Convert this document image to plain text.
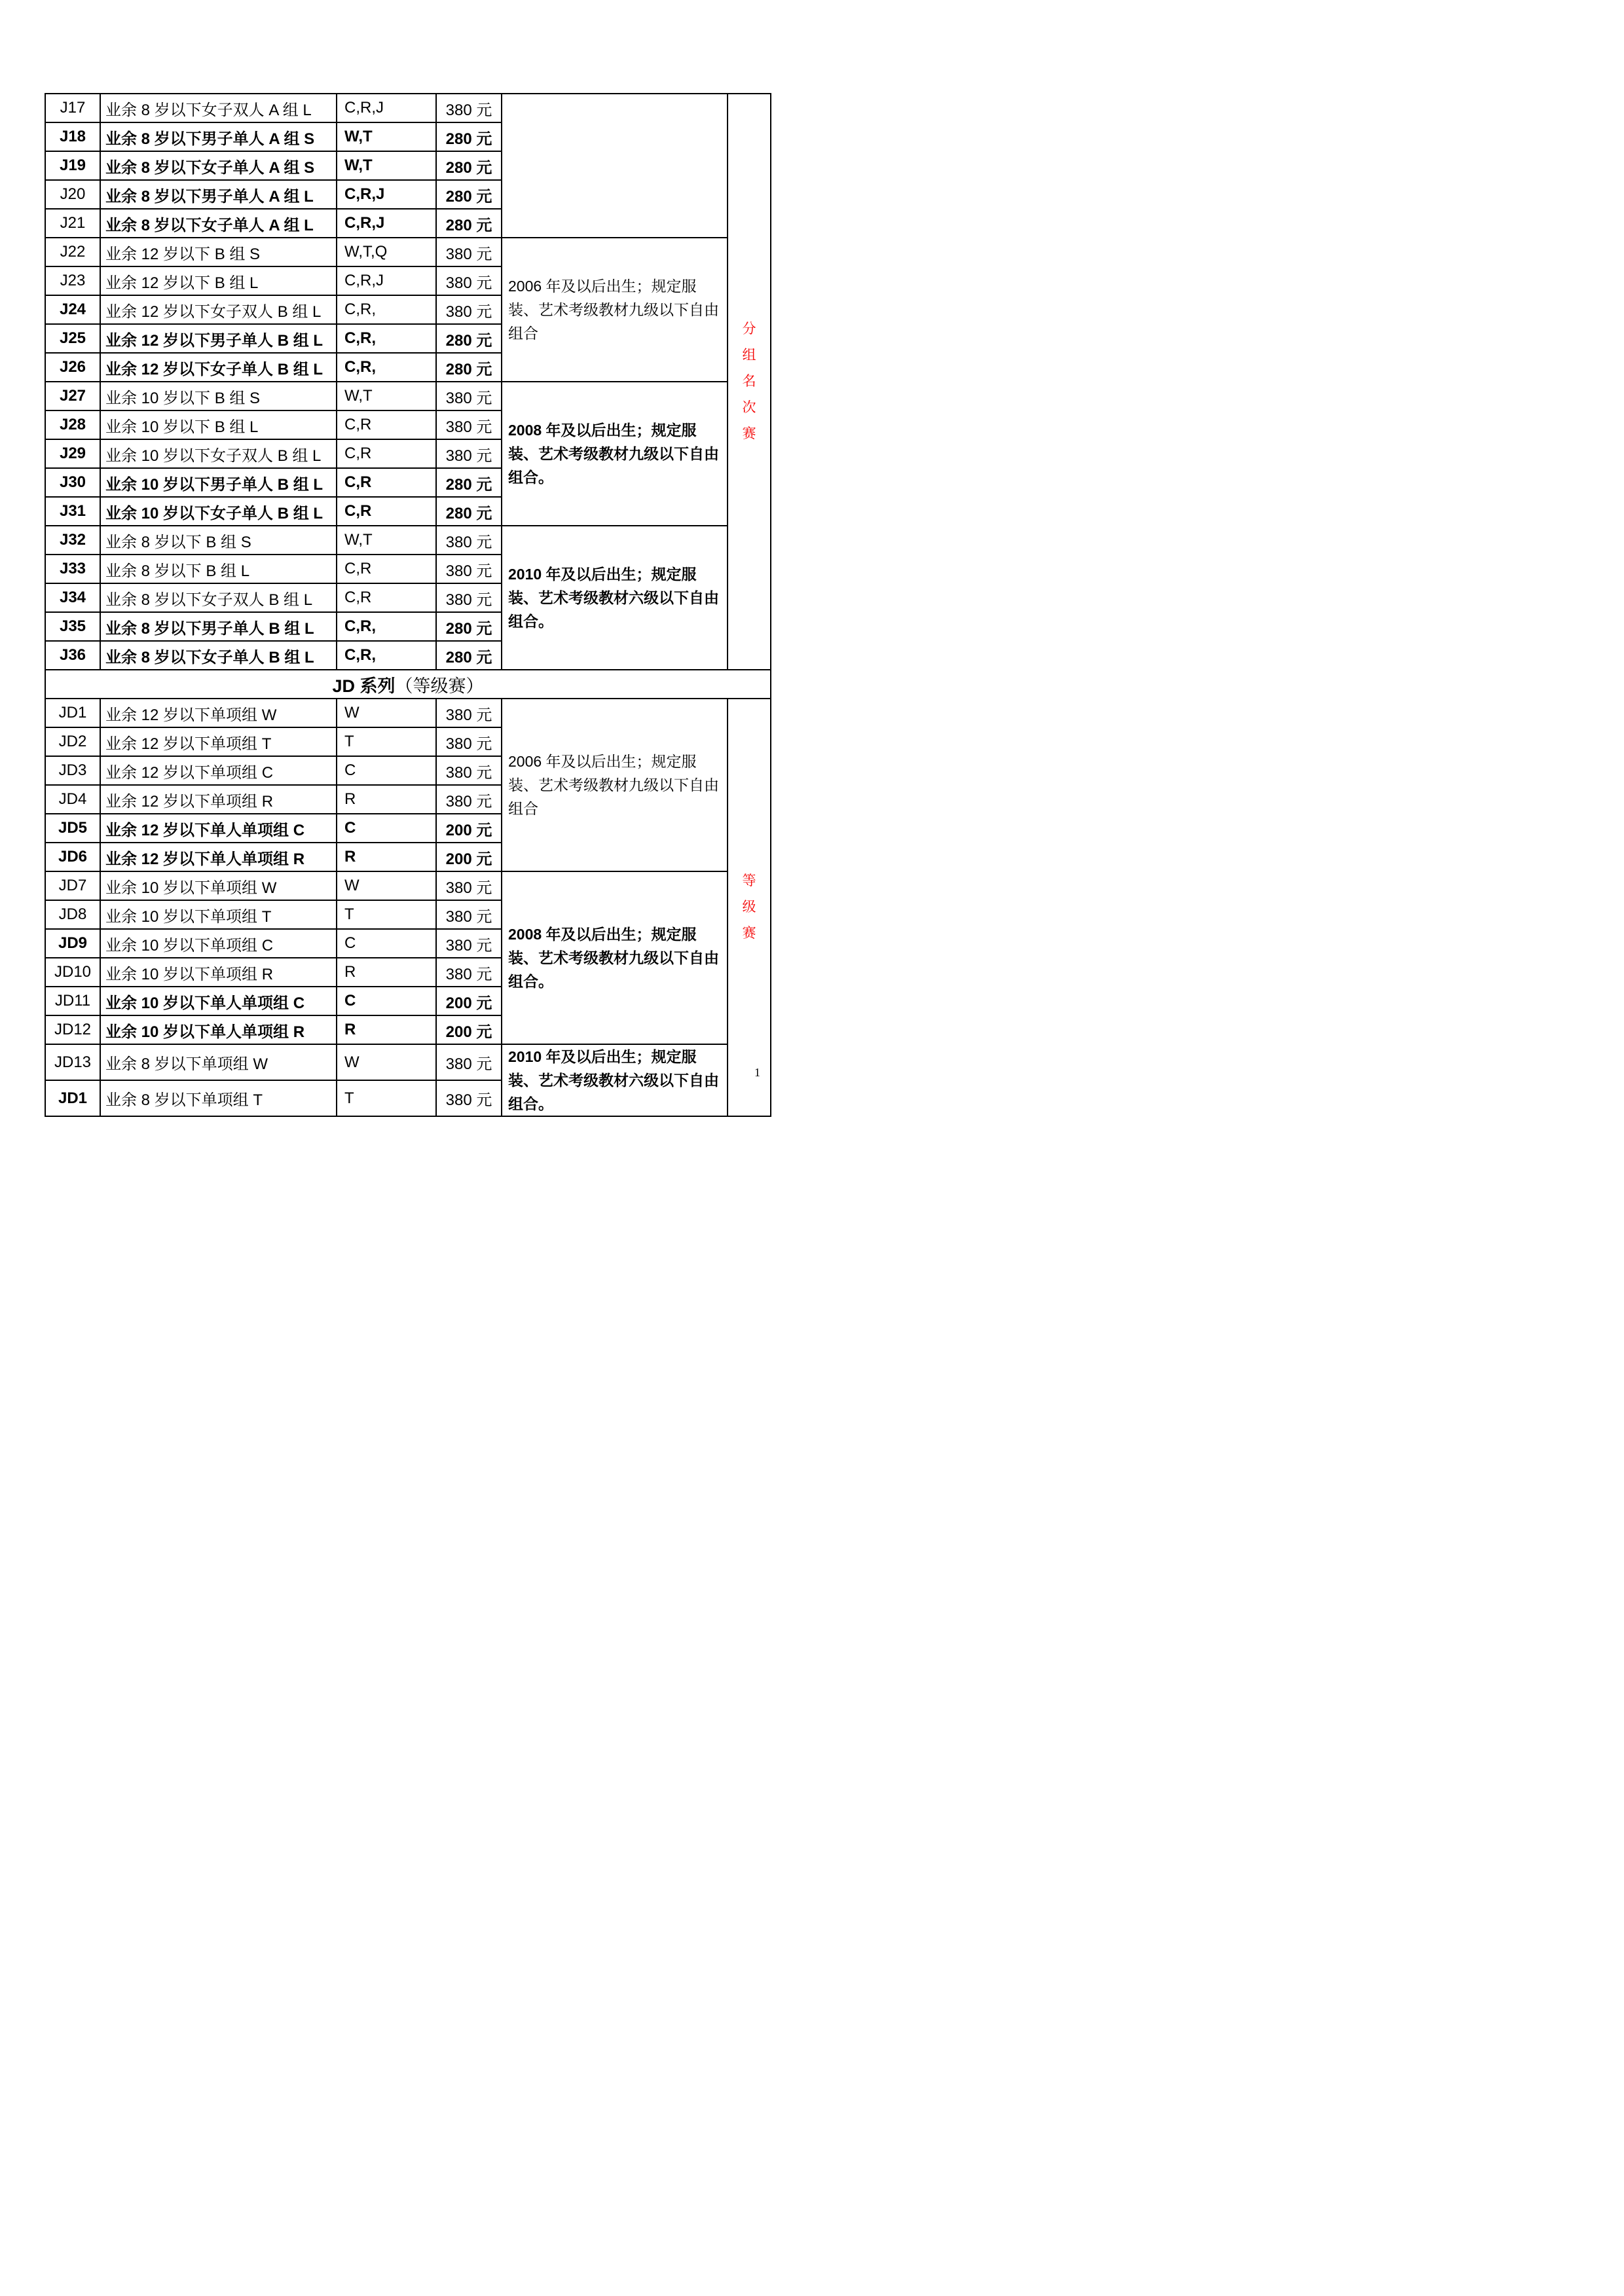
J17	业余 8 岁以下女子双人 A 组 L	C,R,J	380 元		分组名次赛

J18	业余 8 岁以下男子单人 A 组 S	W,T	280 元		
J19	业余 8 岁以下女子单人 A 组 S	W,T	280 元		
J20	业余 8 岁以下男子单人 A 组 L	C,R,J	280 元		
J21	业余 8 岁以下女子单人 A 组 L	C,R,J	280 元		
J22	业余 12 岁以下 B 组 S	W,T,Q	380 元	2006 年及以后出生；规定服装、艺术考级教材九级以下自由组合	

J23	业余 12 岁以下 B 组 L	C,R,J	380 元		
J24	业余 12 岁以下女子双人 B 组 L	C,R,	380 元		
J25	业余 12 岁以下男子单人 B 组 L	C,R,	280 元		
J26	业余 12 岁以下女子单人 B 组 L	C,R,	280 元		
J27	业余 10 岁以下 B 组 S	W,T	380 元	2008 年及以后出生；规定服装、艺术考级教材九级以下自由组合。	

J28	业余 10 岁以下 B 组 L	C,R	380 元		
J29	业余 10 岁以下女子双人 B 组 L	C,R	380 元		
J30	业余 10 岁以下男子单人 B 组 L	C,R	280 元		
J31	业余 10 岁以下女子单人 B 组 L	C,R	280 元		
J32	业余 8 岁以下 B 组 S	W,T	380 元	2010 年及以后出生；规定服装、艺术考级教材六级以下自由组合。	

J33	业余 8 岁以下 B 组 L	C,R	380 元		
J34	业余 8 岁以下女子双人 B 组 L	C,R	380 元		
J35	业余 8 岁以下男子单人 B 组 L	C,R,	280 元		
J36	业余 8 岁以下女子单人 B 组 L	C,R,	280 元		
JD 系列（等级赛）					
JD1	业余 12 岁以下单项组 W	W	380 元	2006 年及以后出生；规定服装、艺术考级教材九级以下自由组合	等级赛

JD2	业余 12 岁以下单项组 T	T	380 元		
JD3	业余 12 岁以下单项组 C	C	380 元		
JD4	业余 12 岁以下单项组 R	R	380 元		
JD5	业余 12 岁以下单人单项组 C	C	200 元		
JD6	业余 12 岁以下单人单项组 R	R	200 元		
JD7	业余 10 岁以下单项组 W	W	380 元	2008 年及以后出生；规定服装、艺术考级教材九级以下自由组合。	

JD8	业余 10 岁以下单项组 T	T	380 元		
JD9	业余 10 岁以下单项组 C	C	380 元		
JD10	业余 10 岁以下单项组 R	R	380 元		
JD11	业余 10 岁以下单人单项组 C	C	200 元		
JD12	业余 10 岁以下单人单项组 R	R	200 元		
JD13	业余 8 岁以下单项组 W	W	380 元	2010 年及以后出生；规定服装、艺术考级教材六级以下自由组合。	

JD1	业余 8 岁以下单项组 T	T	380 元		
1
